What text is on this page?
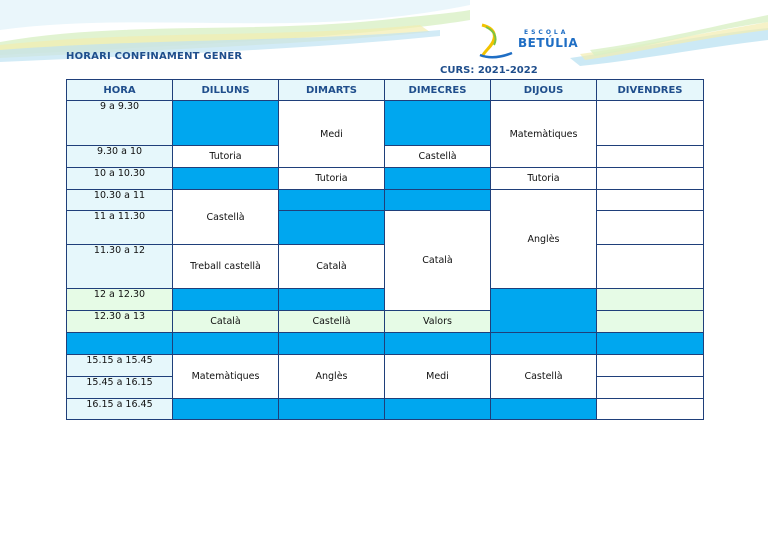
ESCOLA
BETÚLIA
HORARI CONFINAMENT GENER
CURS: 2021-2022
HORA	DILLUNS	DIMARTS	DIMECRES	DIJOUS	DIVENDRES
9 a 9.30		Medi		Matemàtiques	
9.30 a 10	Tutoria		Castellà		
10 a 10.30		Tutoria		Tutoria	
10.30 a 11	Castellà			Anglès	
11 a 11.30			Català		
11.30 a 12	Treball castellà	Català			
12 a 12.30					
12.30 a 13	Català	Castellà	Valors		

15.15 a 15.45	Matemàtiques	Anglès	Medi	Castellà	
15.45 a 16.15					
16.15 a 16.45					
